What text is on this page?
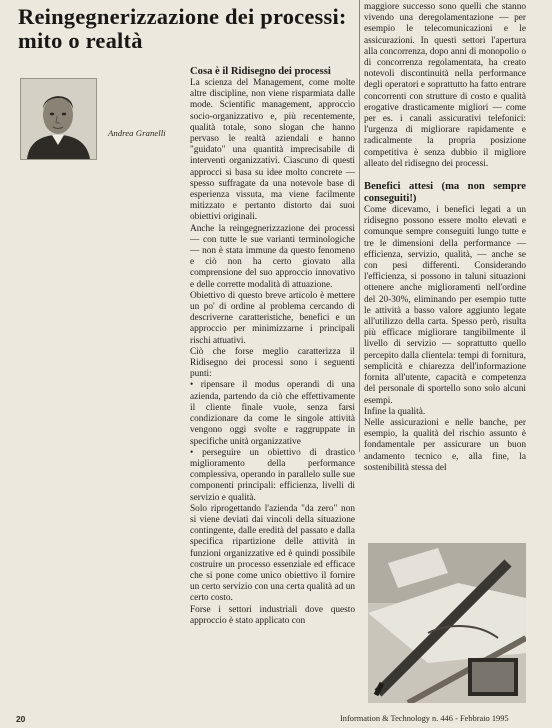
Reingegnerizzazione dei processi: mito o realtà

Andrea Granelli

Cosa è il Ridisegno dei processi

La scienza del Management, come molte altre discipline, non viene risparmiata dalle mode. Scientific management, approccio socio-organizzativo e, più recentemente, qualità totale, sono slogan che hanno pervaso le realtà aziendali e hanno "guidato" una quantità imprecisabile di interventi organizzativi. Ciascuno di questi approcci si basa su idee molto concrete — spesso suffragate da una notevole base di esperienza vissuta, ma viene facilmente mitizzato e pertanto distorto dai suoi obiettivi originali.

Anche la reingegnerizzazione dei processi — con tutte le sue varianti terminologiche — non è stata immune da questo fenomeno e ciò non ha certo giovato alla comprensione del suo approccio innovativo e delle corrette modalità di attuazione.

Obiettivo di questo breve articolo è mettere un po' di ordine al problema cercando di descriverne caratteristiche, benefici e un approccio per minimizzarne i principali rischi attuativi.

Ciò che forse meglio caratterizza il Ridisegno dei processi sono i seguenti punti:

• ripensare il modus operandi di una azienda, partendo da ciò che effettivamente il cliente finale vuole, senza farsi condizionare da come le singole attività vengono oggi svolte e raggruppate in specifiche unità organizzative

• perseguire un obiettivo di drastico miglioramento della performance complessiva, operando in parallelo sulle sue componenti principali: efficienza, livelli di servizio e qualità.

Solo riprogettando l'azienda "da zero" non si viene deviati dai vincoli della situazione contingente, dalle eredità del passato e dalla specifica ripartizione delle attività in funzioni organizzative ed è quindi possibile costruire un processo essenziale ed efficace che si pone come unico obiettivo il fornire un certo servizio con una certa qualità ad un certo costo.

Forse i settori industriali dove questo approccio è stato applicato con

maggiore successo sono quelli che stanno vivendo una deregolamentazione — per esempio le telecomunicazioni e le assicurazioni. In questi settori l'apertura alla concorrenza, dopo anni di monopolio o di concorrenza regolamentata, ha creato notevoli discontinuità nella performance degli operatori e soprattutto ha fatto entrare concorrenti con strutture di costo e qualità erogative drasticamente migliori — come per es. i canali assicurativi telefonici: l'urgenza di migliorare rapidamente e radicalmente la propria posizione competitiva è senza dubbio il migliore alleato del ridisegno dei processi.

Benefici attesi (ma non sempre conseguiti!)

Come dicevamo, i benefici legati a un ridisegno possono essere molto elevati e comunque sempre conseguiti lungo tutte e tre le dimensioni della performance — efficienza, servizio, qualità, — anche se con pesi differenti. Considerando l'efficienza, si possono in taluni situazioni ottenere anche miglioramenti nell'ordine del 20-30%, eliminando per esempio tutte le attività a basso valore aggiunto legate all'utilizzo della carta. Spesso però, risulta più efficace migliorare tangibilmente il livello di servizio — soprattutto quello percepito dalla clientela: tempi di fornitura, semplicità e chiarezza dell'informazione fornita all'utente, capacità e competenza del personale di sportello sono solo alcuni esempi.

Infine la qualità.

Nelle assicurazioni e nelle banche, per esempio, la qualità del rischio assunto è fondamentale per assicurare un buon andamento tecnico e, alla fine, la sostenibilità stessa del

20	Information & Technology n. 446 - Febbraio 1995
